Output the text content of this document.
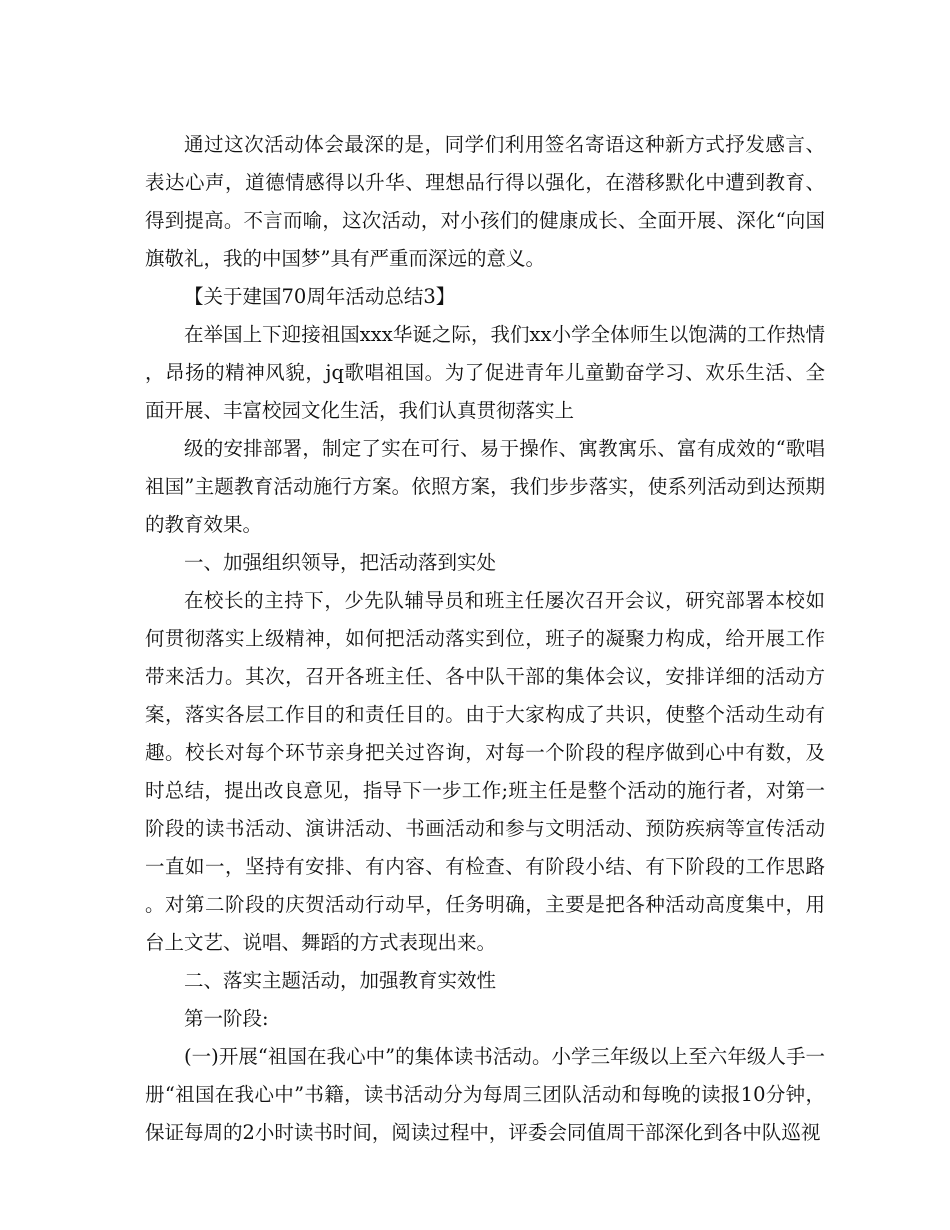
通过这次活动体会最深的是，同学们利用签名寄语这种新方式抒发感言、表达心声，道德情感得以升华、理想品行得以强化，在潜移默化中遭到教育、得到提高。不言而喻，这次活动，对小孩们的健康成长、全面开展、深化“向国旗敬礼，我的中国梦”具有严重而深远的意义。

【关于建国70周年活动总结3】

在举国上下迎接祖国xxx华诞之际，我们xx小学全体师生以饱满的工作热情，昂扬的精神风貌，jq歌唱祖国。为了促进青年儿童勤奋学习、欢乐生活、全面开展、丰富校园文化生活，我们认真贯彻落实上

级的安排部署，制定了实在可行、易于操作、寓教寓乐、富有成效的“歌唱祖国”主题教育活动施行方案。依照方案，我们步步落实，使系列活动到达预期的教育效果。

一、加强组织领导，把活动落到实处

在校长的主持下，少先队辅导员和班主任屡次召开会议，研究部署本校如何贯彻落实上级精神，如何把活动落实到位，班子的凝聚力构成，给开展工作带来活力。其次，召开各班主任、各中队干部的集体会议，安排详细的活动方案，落实各层工作目的和责任目的。由于大家构成了共识，使整个活动生动有趣。校长对每个环节亲身把关过咨询，对每一个阶段的程序做到心中有数，及时总结，提出改良意见，指导下一步工作;班主任是整个活动的施行者，对第一阶段的读书活动、演讲活动、书画活动和参与文明活动、预防疾病等宣传活动一直如一，坚持有安排、有内容、有检查、有阶段小结、有下阶段的工作思路。对第二阶段的庆贺活动行动早，任务明确，主要是把各种活动高度集中，用台上文艺、说唱、舞蹈的方式表现出来。

二、落实主题活动，加强教育实效性

第一阶段:

(一)开展“祖国在我心中”的集体读书活动。小学三年级以上至六年级人手一册“祖国在我心中”书籍，读书活动分为每周三团队活动和每晚的读报10分钟，保证每周的2小时读书时间，阅读过程中，评委会同值周干部深化到各中队巡视
